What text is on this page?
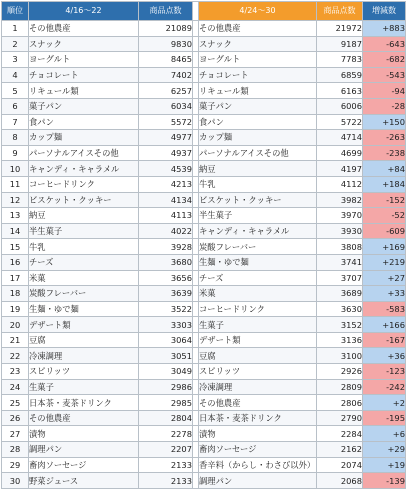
順位	4/16～22	商品点数		4/24～30	商品点数	増減数
1	その他農産	21089		その他農産	21972	+883
2	スナック	9830		スナック	9187	-643
3	ヨーグルト	8465		ヨーグルト	7783	-682
4	チョコレート	7402		チョコレート	6859	-543
5	リキュール類	6257		リキュール類	6163	-94
6	菓子パン	6034		菓子パン	6006	-28
7	食パン	5572		食パン	5722	+150
8	カップ麺	4977		カップ麺	4714	-263
9	パーソナルアイスその他	4937		パーソナルアイスその他	4699	-238
10	キャンディ・キャラメル	4539		納豆	4197	+84
11	コーヒードリンク	4213		牛乳	4112	+184
12	ビスケット・クッキー	4134		ビスケット・クッキー	3982	-152
13	納豆	4113		半生菓子	3970	-52
14	半生菓子	4022		キャンディ・キャラメル	3930	-609
15	牛乳	3928		炭酸フレーバー	3808	+169
16	チーズ	3680		生麺・ゆで麺	3741	+219
17	米菓	3656		チーズ	3707	+27
18	炭酸フレーバー	3639		米菓	3689	+33
19	生麺・ゆで麺	3522		コーヒードリンク	3630	-583
20	デザート類	3303		生菓子	3152	+166
21	豆腐	3064		デザート類	3136	-167
22	冷凍調理	3051		豆腐	3100	+36
23	スピリッツ	3049		スピリッツ	2926	-123
24	生菓子	2986		冷凍調理	2809	-242
25	日本茶・麦茶ドリンク	2985		その他農産	2806	+2
26	その他農産	2804		日本茶・麦茶ドリンク	2790	-195
27	漬物	2278		漬物	2284	+6
28	調理パン	2207		畜肉ソーセージ	2162	+29
29	畜肉ソーセージ	2133		香辛料（からし・わさび以外）	2074	+19
30	野菜ジュース	2133		調理パン	2068	-139
